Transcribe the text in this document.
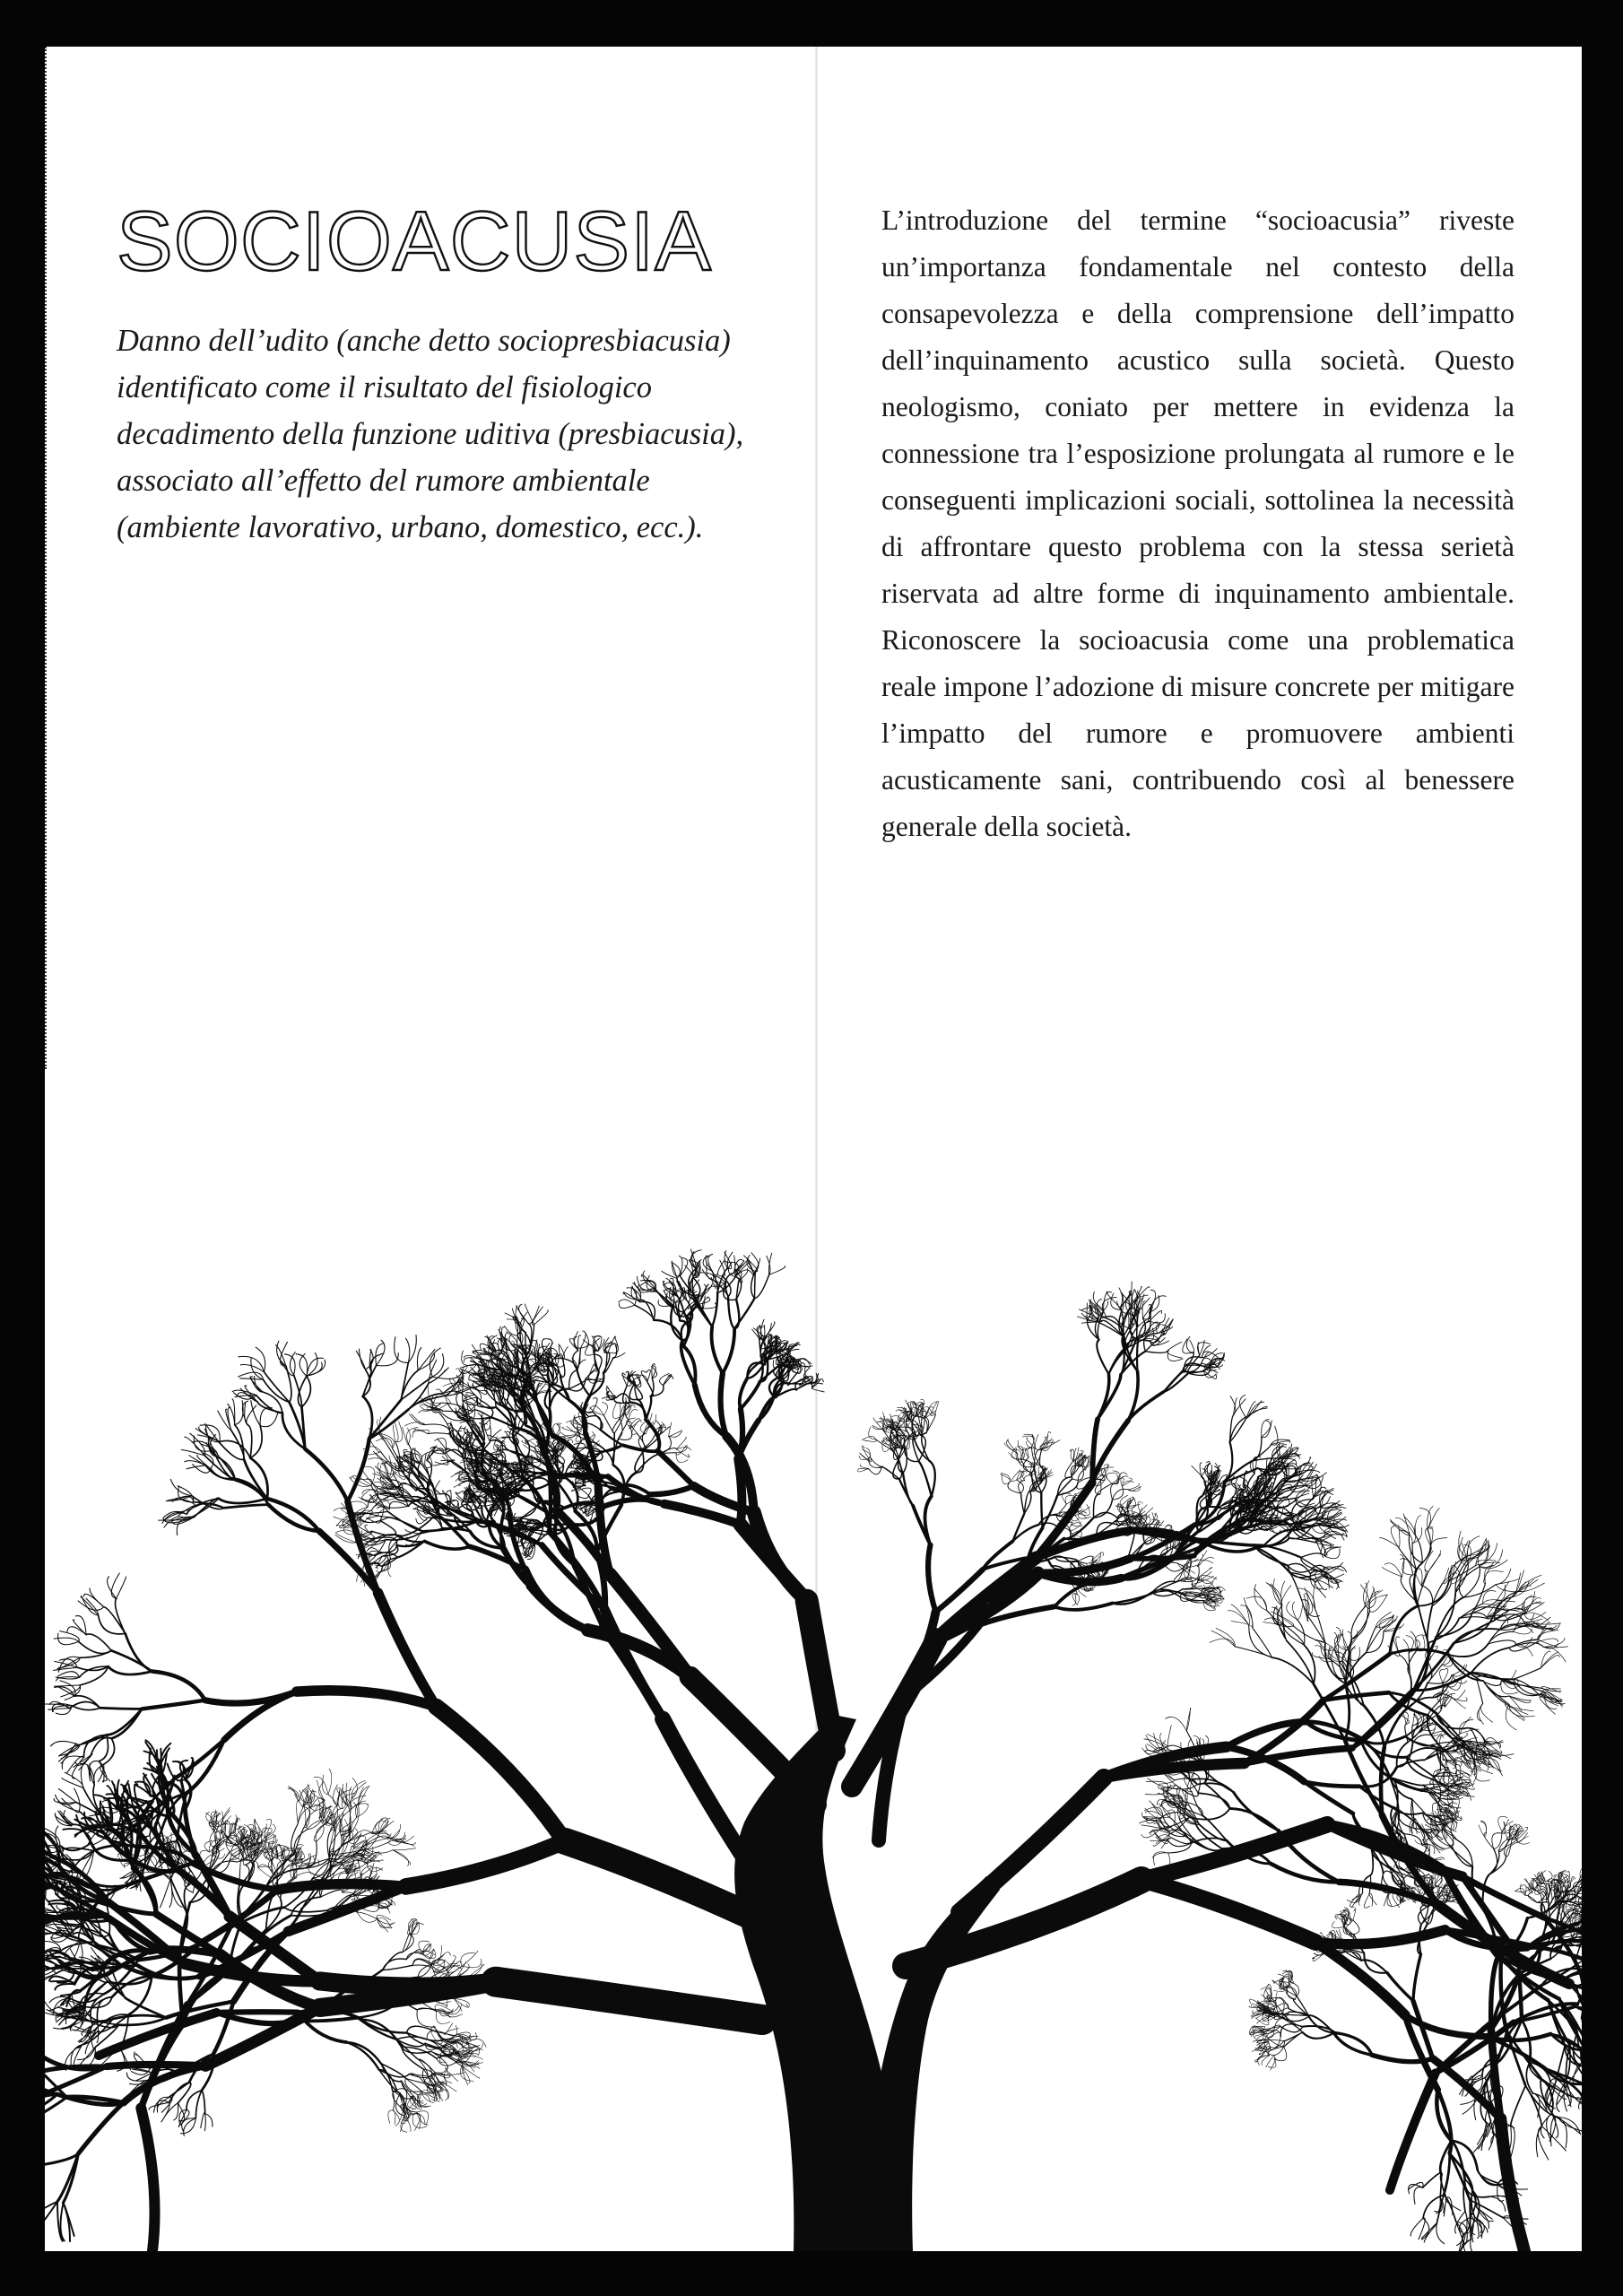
SOCIOACUSIA

Danno dell’udito (anche detto sociopresbiacusia) identificato come il risultato del fisiologico decadimento della funzione uditiva (presbiacusia), associato all’effetto del rumore ambientale (ambiente lavorativo, urbano, domestico, ecc.).

L’introduzione del termine “socioacusia” riveste un’importanza fondamentale nel contesto della consapevolezza e della comprensione dell’impatto dell’inquinamento acustico sulla società. Questo neologismo, coniato per mettere in evidenza la connessione tra l’esposizione prolungata al rumore e le conseguenti implicazioni sociali, sottolinea la necessità di affrontare questo problema con la stessa serietà riservata ad altre forme di inquinamento ambientale. Riconoscere la socioacusia come una problematica reale impone l’adozione di misure concrete per mitigare l’impatto del rumore e promuovere ambienti acusticamente sani, contribuendo così al benessere generale della società.
